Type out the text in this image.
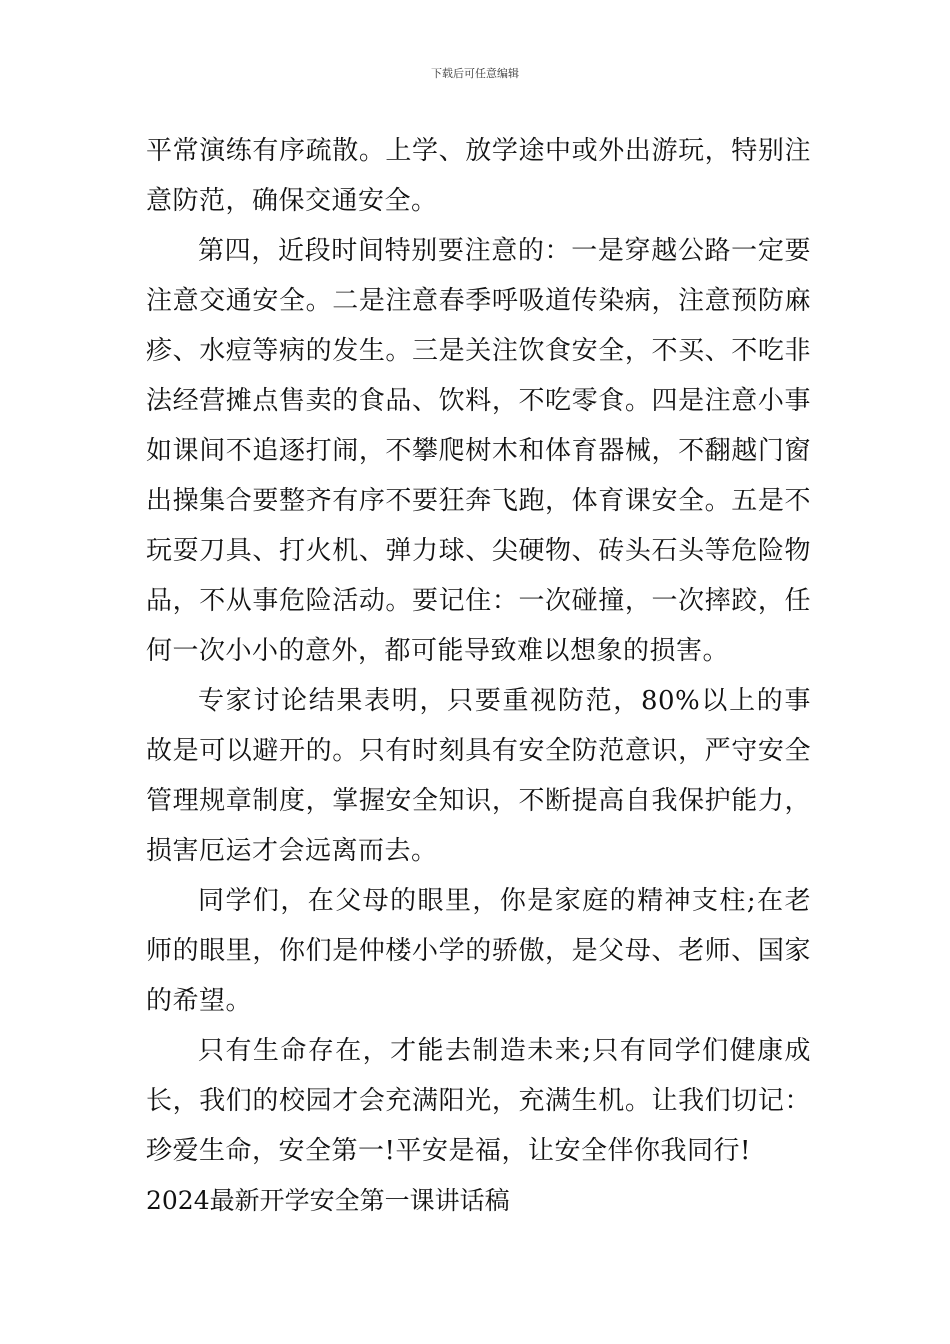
下载后可任意编辑

平常演练有序疏散。上学、放学途中或外出游玩，特别注意防范，确保交通安全。

第四，近段时间特别要注意的：一是穿越公路一定要注意交通安全。二是注意春季呼吸道传染病，注意预防麻疹、水痘等病的发生。三是关注饮食安全，不买、不吃非法经营摊点售卖的食品、饮料，不吃零食。四是注意小事如课间不追逐打闹，不攀爬树木和体育器械，不翻越门窗出操集合要整齐有序不要狂奔飞跑，体育课安全。五是不玩耍刀具、打火机、弹力球、尖硬物、砖头石头等危险物品，不从事危险活动。要记住：一次碰撞，一次摔跤，任何一次小小的意外，都可能导致难以想象的损害。

专家讨论结果表明，只要重视防范，80%以上的事故是可以避开的。只有时刻具有安全防范意识，严守安全管理规章制度，掌握安全知识，不断提高自我保护能力，损害厄运才会远离而去。

同学们，在父母的眼里，你是家庭的精神支柱;在老师的眼里，你们是仲楼小学的骄傲，是父母、老师、国家的希望。

只有生命存在，才能去制造未来;只有同学们健康成长，我们的校园才会充满阳光，充满生机。让我们切记：珍爱生命，安全第一!平安是福，让安全伴你我同行!

2024最新开学安全第一课讲话稿
